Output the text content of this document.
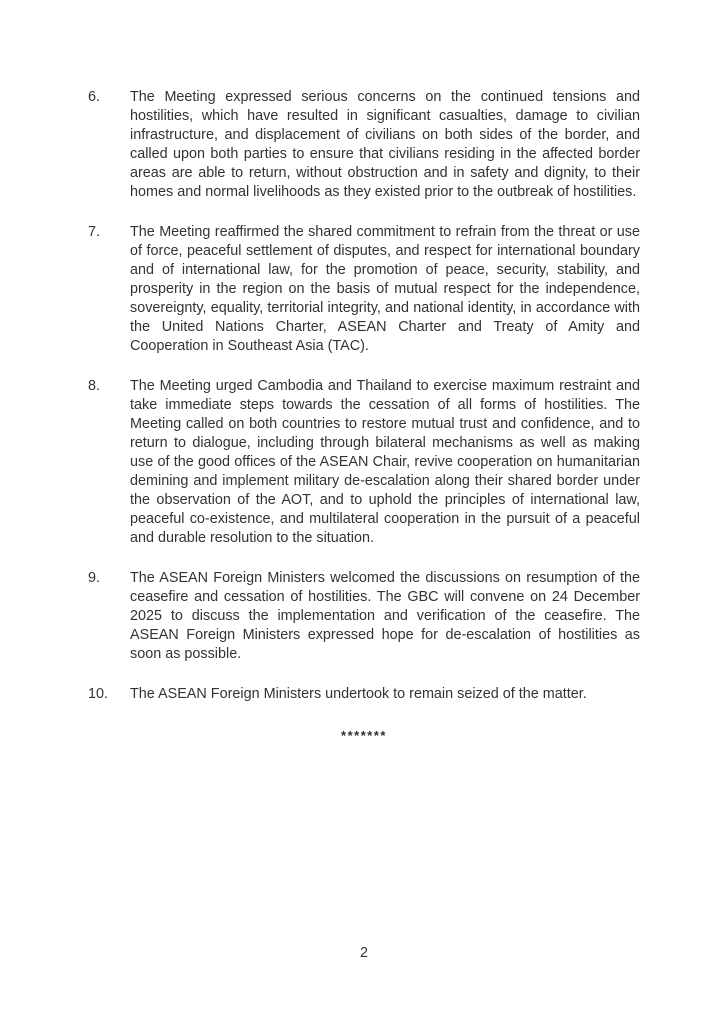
6.	The Meeting expressed serious concerns on the continued tensions and hostilities, which have resulted in significant casualties, damage to civilian infrastructure, and displacement of civilians on both sides of the border, and called upon both parties to ensure that civilians residing in the affected border areas are able to return, without obstruction and in safety and dignity, to their homes and normal livelihoods as they existed prior to the outbreak of hostilities.
7.	The Meeting reaffirmed the shared commitment to refrain from the threat or use of force, peaceful settlement of disputes, and respect for international boundary and of international law, for the promotion of peace, security, stability, and prosperity in the region on the basis of mutual respect for the independence, sovereignty, equality, territorial integrity, and national identity, in accordance with the United Nations Charter, ASEAN Charter and Treaty of Amity and Cooperation in Southeast Asia (TAC).
8.	The Meeting urged Cambodia and Thailand to exercise maximum restraint and take immediate steps towards the cessation of all forms of hostilities. The Meeting called on both countries to restore mutual trust and confidence, and to return to dialogue, including through bilateral mechanisms as well as making use of the good offices of the ASEAN Chair, revive cooperation on humanitarian demining and implement military de-escalation along their shared border under the observation of the AOT, and to uphold the principles of international law, peaceful co-existence, and multilateral cooperation in the pursuit of a peaceful and durable resolution to the situation.
9.	The ASEAN Foreign Ministers welcomed the discussions on resumption of the ceasefire and cessation of hostilities. The GBC will convene on 24 December 2025 to discuss the implementation and verification of the ceasefire. The ASEAN Foreign Ministers expressed hope for de-escalation of hostilities as soon as possible.
10.	The ASEAN Foreign Ministers undertook to remain seized of the matter.
*******
2
